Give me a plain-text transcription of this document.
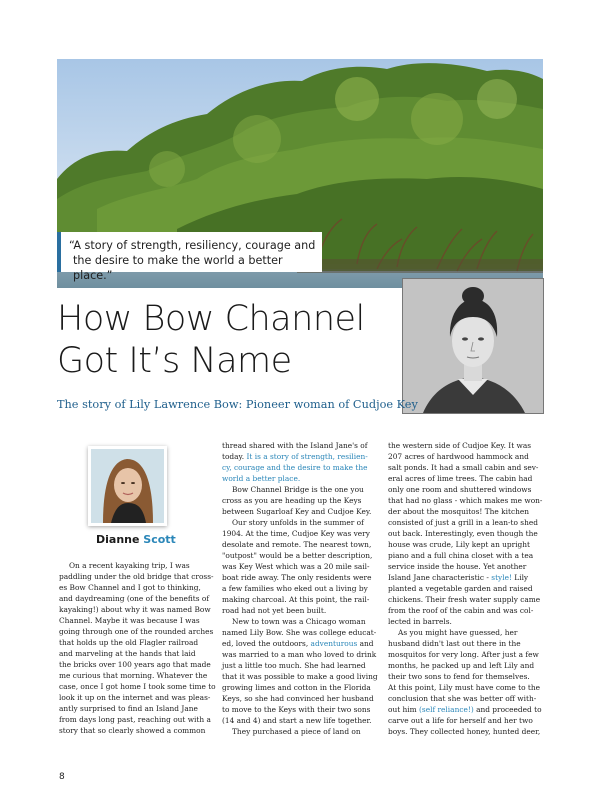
“A story of strength, resiliency, courage and
the desire to make the world a better place.”
How Bow Channel
Got It’s Name

The story of Lily Lawrence Bow: Pioneer woman of Cudjoe Key

Dianne Scott
On a recent kayaking trip, I was
paddling under the old bridge that cross-
es Bow Channel and I got to thinking,
and daydreaming (one of the benefits of
kayaking!) about why it was named Bow
Channel. Maybe it was because I was
going through one of the rounded arches
that holds up the old Flagler railroad
and marveling at the hands that laid
the bricks over 100 years ago that made
me curious that morning. Whatever the
case, once I got home I took some time to
look it up on the internet and was pleas-
antly surprised to find an Island Jane
from days long past, reaching out with a
story that so clearly showed a common
thread shared with the Island Jane's of
today. It is a story of strength, resilien-
cy, courage and the desire to make the
world a better place.
Bow Channel Bridge is the one you
cross as you are heading up the Keys
between Sugarloaf Key and Cudjoe Key.
Our story unfolds in the summer of
1904. At the time, Cudjoe Key was very
desolate and remote. The nearest town,
"outpost" would be a better description,
was Key West which was a 20 mile sail-
boat ride away. The only residents were
a few families who eked out a living by
making charcoal. At this point, the rail-
road had not yet been built.
New to town was a Chicago woman
named Lily Bow. She was college educat-
ed, loved the outdoors, adventurous and
was married to a man who loved to drink
just a little too much. She had learned
that it was possible to make a good living
growing limes and cotton in the Florida
Keys, so she had convinced her husband
to move to the Keys with their two sons
(14 and 4) and start a new life together.
They purchased a piece of land on
the western side of Cudjoe Key. It was
207 acres of hardwood hammock and
salt ponds. It had a small cabin and sev-
eral acres of lime trees. The cabin had
only one room and shuttered windows
that had no glass - which makes me won-
der about the mosquitos! The kitchen
consisted of just a grill in a lean-to shed
out back. Interestingly, even though the
house was crude, Lily kept an upright
piano and a full china closet with a tea
service inside the house. Yet another
Island Jane characteristic - style! Lily
planted a vegetable garden and raised
chickens. Their fresh water supply came
from the roof of the cabin and was col-
lected in barrels.
As you might have guessed, her
husband didn't last out there in the
mosquitos for very long. After just a few
months, he packed up and left Lily and
their two sons to fend for themselves.
At this point, Lily must have come to the
conclusion that she was better off with-
out him (self reliance!) and proceeded to
carve out a life for herself and her two
boys. They collected honey, hunted deer,
8
